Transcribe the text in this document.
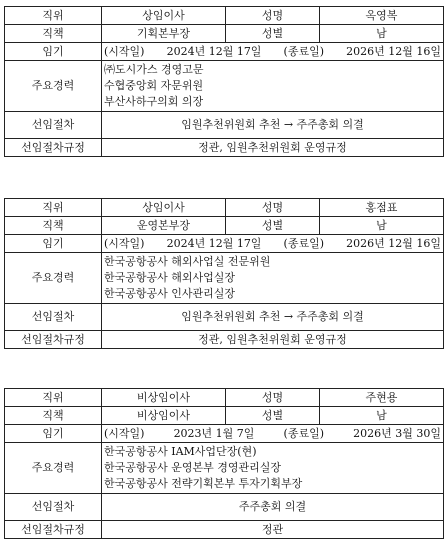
직위	상임이사	성명	옥영복
직책	기획본부장	성별	남
임기	(시작일) 2024년 12월 17일 (종료일) 2026년 12월 16일		

주요경력	㈜도시가스 경영고문
수협중앙회 자문위원
부산사하구의회 의장		

선임절차	임원추천위원회 추천 → 주주총회 의결		
선임절차규정	정관, 임원추천위원회 운영규정		
직위	상임이사	성명	홍점표
직책	운영본부장	성별	남
임기	(시작일) 2024년 12월 17일 (종료일) 2026년 12월 16일		

주요경력	한국공항공사 해외사업실 전문위원
한국공항공사 해외사업실장
한국공항공사 인사관리실장		

선임절차	임원추천위원회 추천 → 주주총회 의결		
선임절차규정	정관, 임원추천위원회 운영규정		
직위	비상임이사	성명	주현용
직책	비상임이사	성별	남
임기	(시작일) 2023년 1월 7일 (종료일) 2026년 3월 30일		

주요경력	한국공항공사 IAM사업단장(현)
한국공항공사 운영본부 경영관리실장
한국공항공사 전략기획본부 투자기획부장		

선임절차	주주총회 의결		
선임절차규정	정관		
